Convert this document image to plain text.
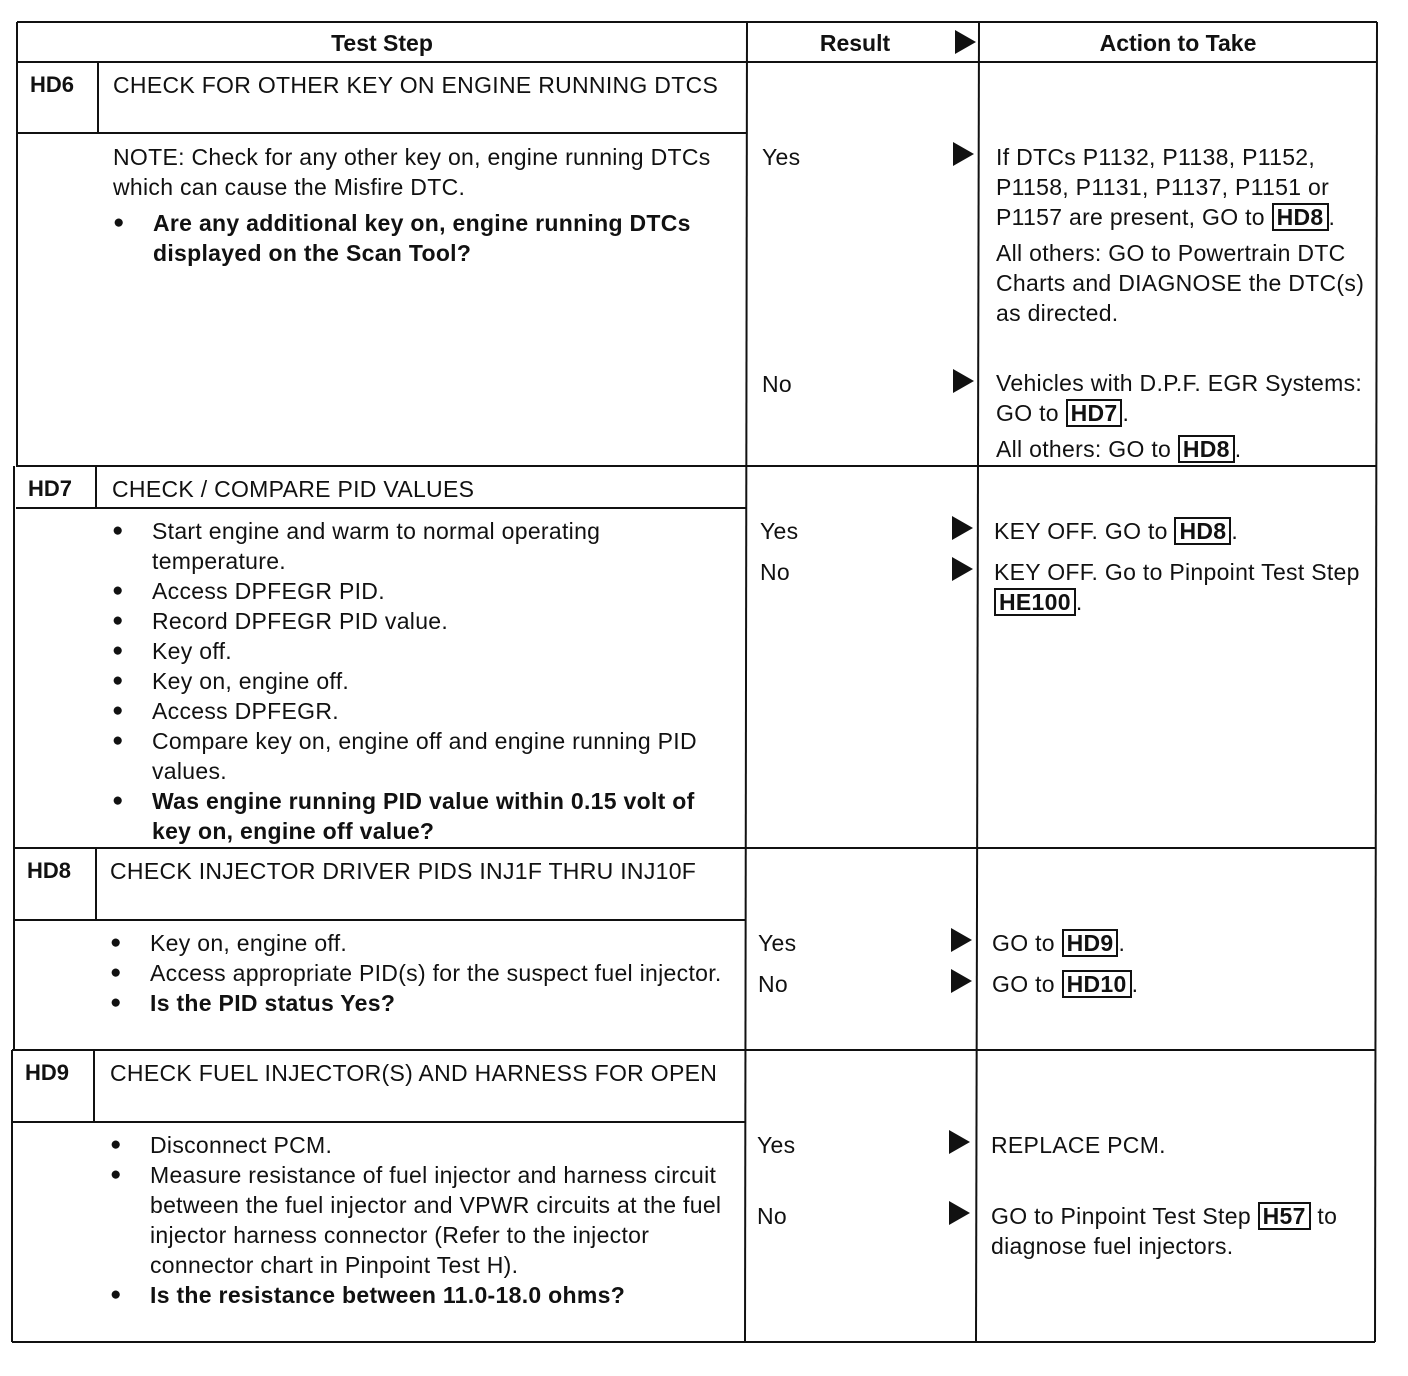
Test Step	Result	Action to Take
HD6 CHECK FOR OTHER KEY ON ENGINE RUNNING DTCS
NOTE: Check for any other key on, engine running DTCs which can cause the Misfire DTC.
● Are any additional key on, engine running DTCs displayed on the Scan Tool?
Yes
No
If DTCs P1132, P1138, P1152, P1158, P1131, P1137, P1151 or P1157 are present, GO to HD8 .
All others: GO to Powertrain DTC Charts and DIAGNOSE the DTC(s) as directed.
Vehicles with D.P.F. EGR Systems: GO to HD7 .
All others: GO to HD8 .
HD7 CHECK / COMPARE PID VALUES
● Start engine and warm to normal operating temperature.
● Access DPFEGR PID.
● Record DPFEGR PID value.
● Key off.
● Key on, engine off.
● Access DPFEGR.
● Compare key on, engine off and engine running PID values.
● Was engine running PID value within 0.15 volt of key on, engine off value?
Yes
No
KEY OFF. GO to HD8 .
KEY OFF. Go to Pinpoint Test Step HE100 .
HD8 CHECK INJECTOR DRIVER PIDS INJ1F THRU INJ10F
● Key on, engine off.
● Access appropriate PID(s) for the suspect fuel injector.
● Is the PID status Yes?
Yes
No
GO to HD9 .
GO to HD10 .
HD9 CHECK FUEL INJECTOR(S) AND HARNESS FOR OPEN
● Disconnect PCM.
● Measure resistance of fuel injector and harness circuit between the fuel injector and VPWR circuits at the fuel injector harness connector (Refer to the injector connector chart in Pinpoint Test H).
● Is the resistance between 11.0-18.0 ohms?
Yes
No
REPLACE PCM.
GO to Pinpoint Test Step H57 to diagnose fuel injectors.
